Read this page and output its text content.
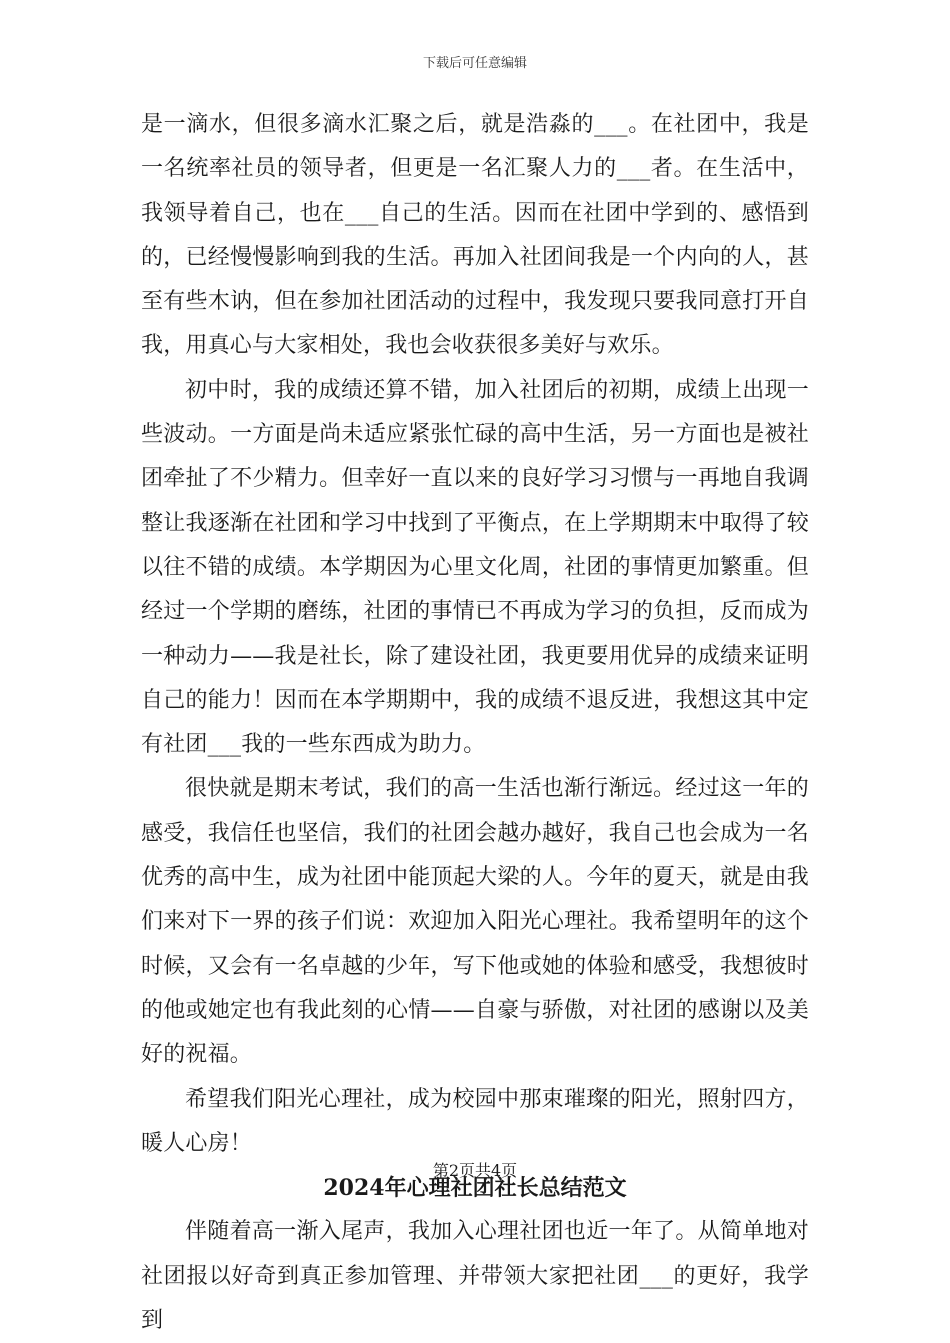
下载后可任意编辑

是一滴水，但很多滴水汇聚之后，就是浩淼的___。在社团中，我是一名统率社员的领导者，但更是一名汇聚人力的___者。在生活中，我领导着自己，也在___自己的生活。因而在社团中学到的、感悟到的，已经慢慢影响到我的生活。再加入社团间我是一个内向的人，甚至有些木讷，但在参加社团活动的过程中，我发现只要我同意打开自我，用真心与大家相处，我也会收获很多美好与欢乐。

初中时，我的成绩还算不错，加入社团后的初期，成绩上出现一些波动。一方面是尚未适应紧张忙碌的高中生活，另一方面也是被社团牵扯了不少精力。但幸好一直以来的良好学习习惯与一再地自我调整让我逐渐在社团和学习中找到了平衡点，在上学期期末中取得了较以往不错的成绩。本学期因为心里文化周，社团的事情更加繁重。但经过一个学期的磨练，社团的事情已不再成为学习的负担，反而成为一种动力——我是社长，除了建设社团，我更要用优异的成绩来证明自己的能力！因而在本学期期中，我的成绩不退反进，我想这其中定有社团___我的一些东西成为助力。

很快就是期末考试，我们的高一生活也渐行渐远。经过这一年的感受，我信任也坚信，我们的社团会越办越好，我自己也会成为一名优秀的高中生，成为社团中能顶起大梁的人。今年的夏天，就是由我们来对下一界的孩子们说：欢迎加入阳光心理社。我希望明年的这个时候，又会有一名卓越的少年，写下他或她的体验和感受，我想彼时的他或她定也有我此刻的心情——自豪与骄傲，对社团的感谢以及美好的祝福。

希望我们阳光心理社，成为校园中那束璀璨的阳光，照射四方，暖人心房！

2024年心理社团社长总结范文

伴随着高一渐入尾声，我加入心理社团也近一年了。从简单地对社团报以好奇到真正参加管理、并带领大家把社团___的更好，我学到

第2页共4页
